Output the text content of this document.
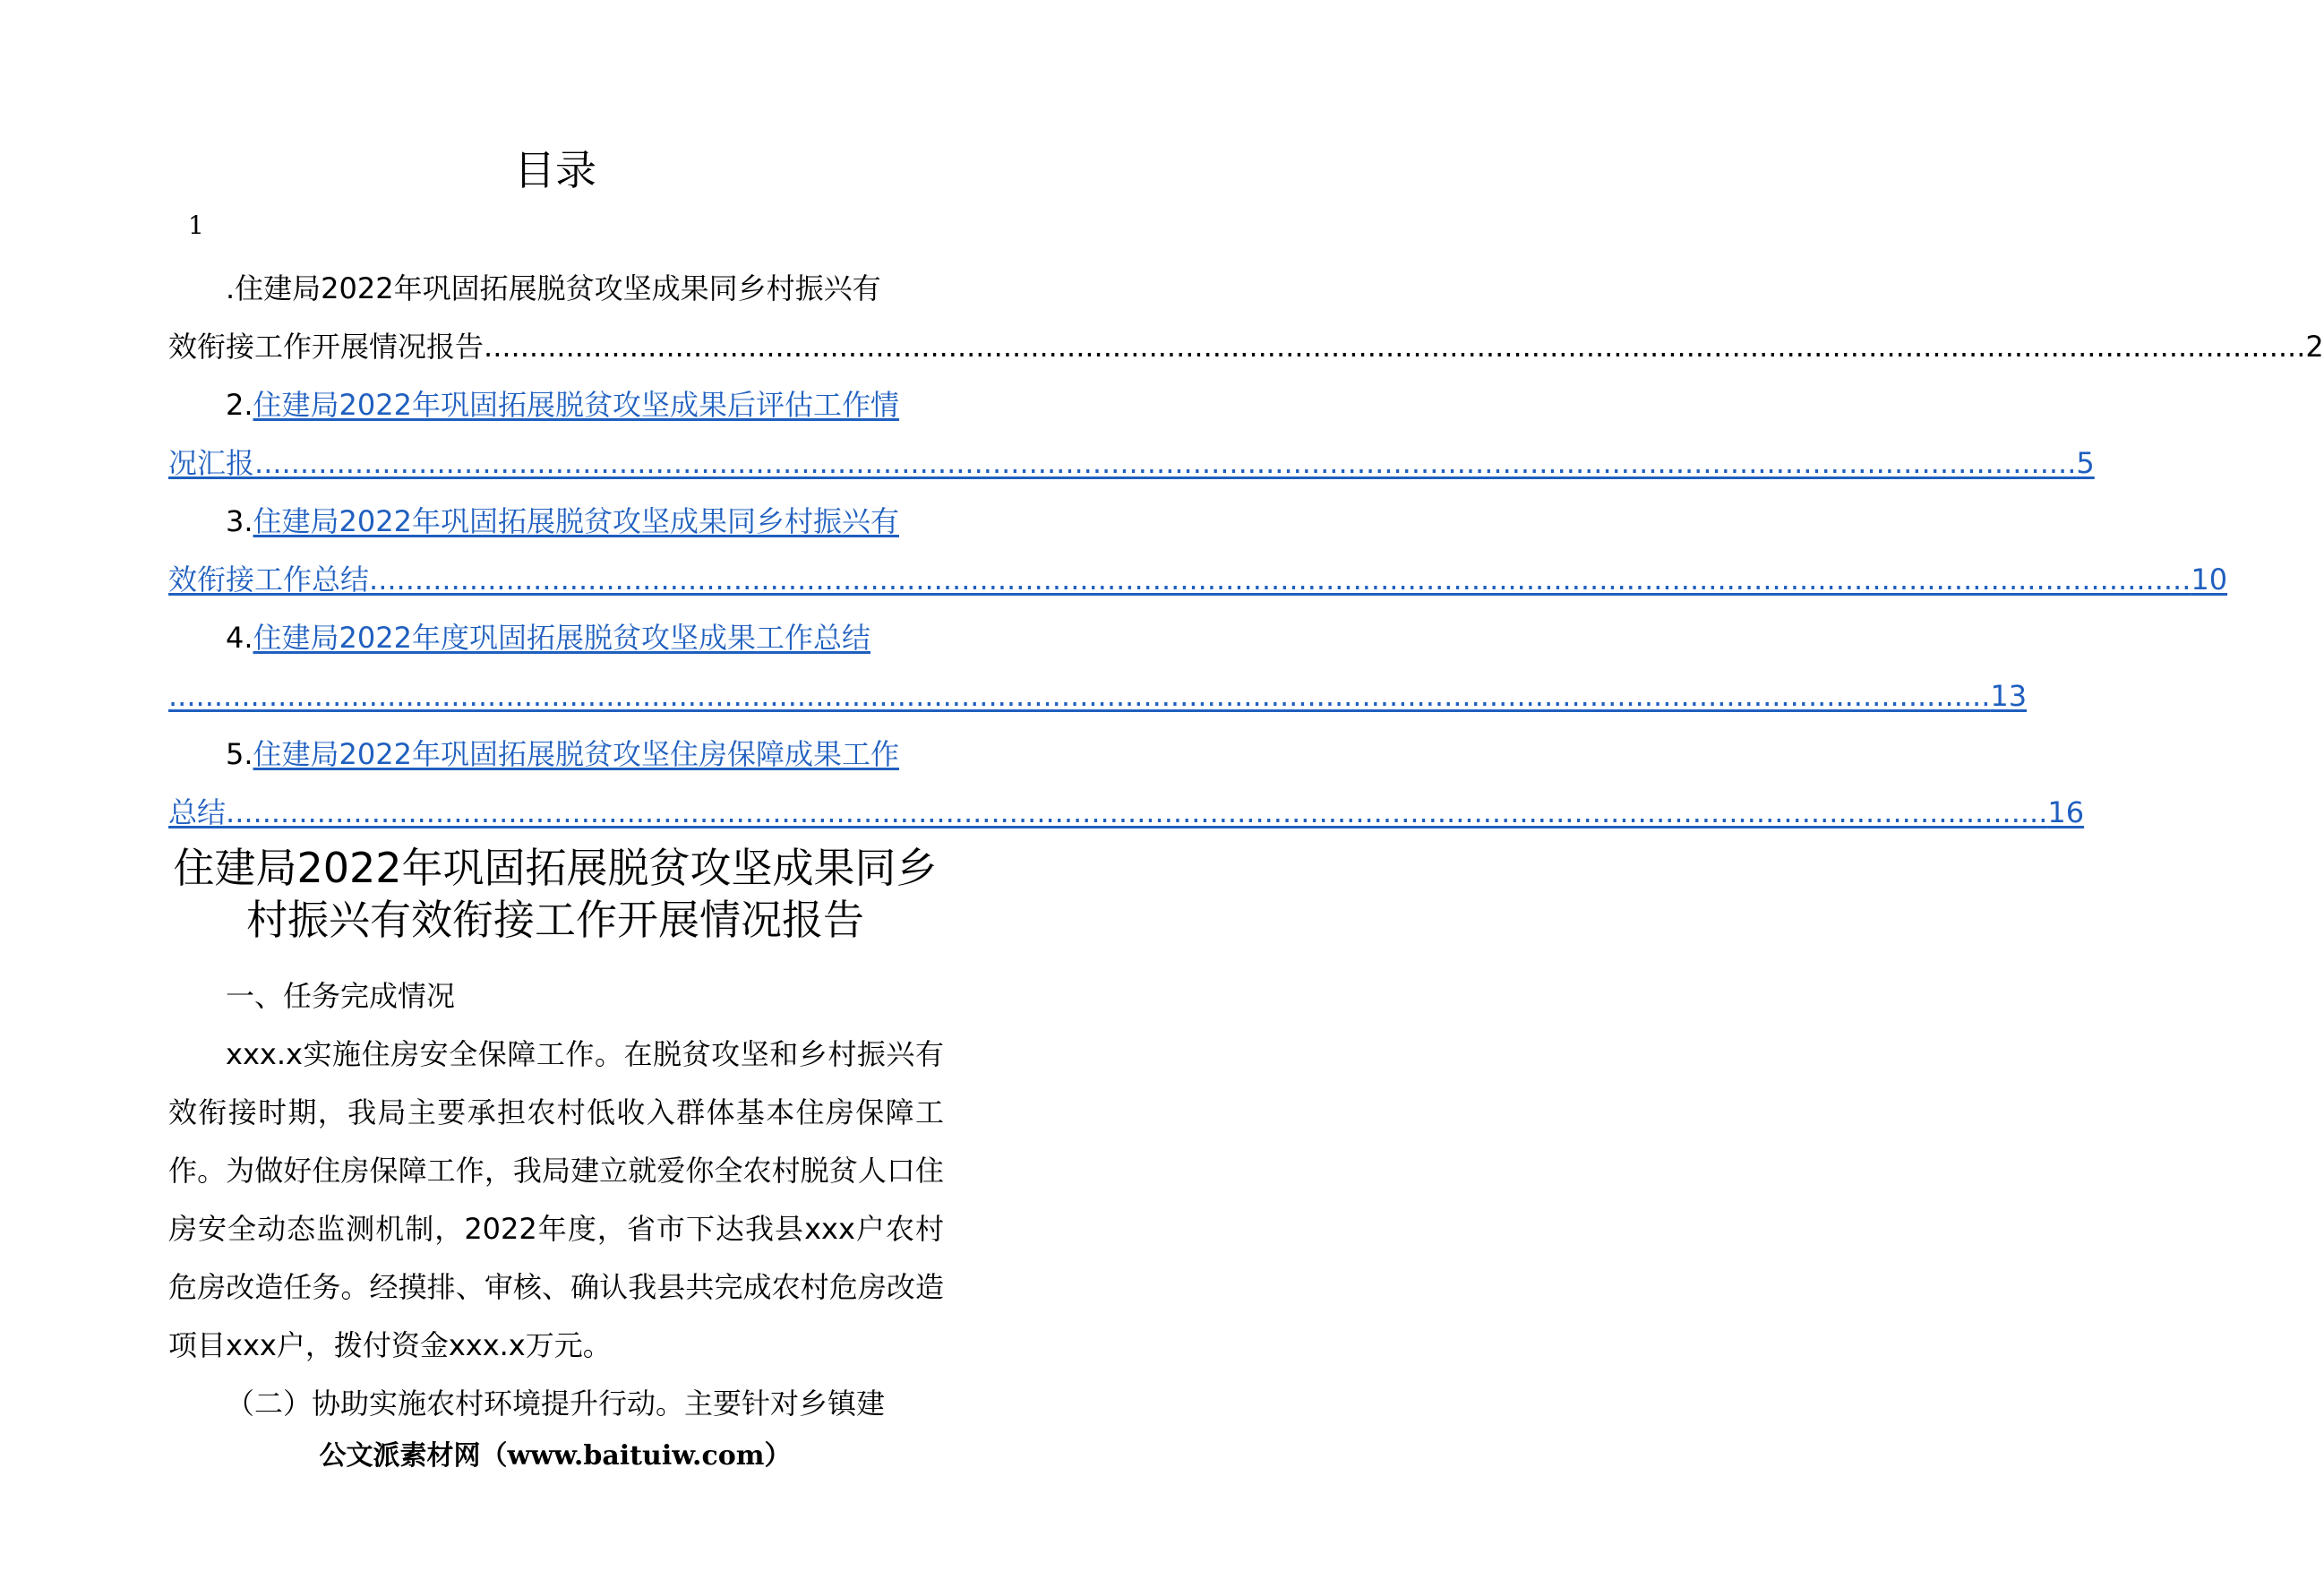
目录
1
.住建局2022年巩固拓展脱贫攻坚成果同乡村振兴有
效衔接工作开展情况报告 ........................................................................................................................................................................................................ 2
2.住建局2022年巩固拓展脱贫攻坚成果后评估工作情
况汇报 ........................................................................................................................................................................................................ 5
3.住建局2022年巩固拓展脱贫攻坚成果同乡村振兴有
效衔接工作总结 ........................................................................................................................................................................................................ 10
4.住建局2022年度巩固拓展脱贫攻坚成果工作总结
........................................................................................................................................................................................................ 13
5.住建局2022年巩固拓展脱贫攻坚住房保障成果工作
总结 ........................................................................................................................................................................................................ 16
住建局2022年巩固拓展脱贫攻坚成果同乡
村振兴有效衔接工作开展情况报告

一、任务完成情况

xxx.x实施住房安全保障工作。在脱贫攻坚和乡村振兴有效衔接时期，我局主要承担农村低收入群体基本住房保障工作。为做好住房保障工作，我局建立就爱你全农村脱贫人口住房安全动态监测机制，2022年度，省市下达我县xxx户农村危房改造任务。经摸排、审核、确认我县共完成农村危房改造项目xxx户，拨付资金xxx.x万元。

（二）协助实施农村环境提升行动。主要针对乡镇建

公文派素材网（www.baituiw.com）
